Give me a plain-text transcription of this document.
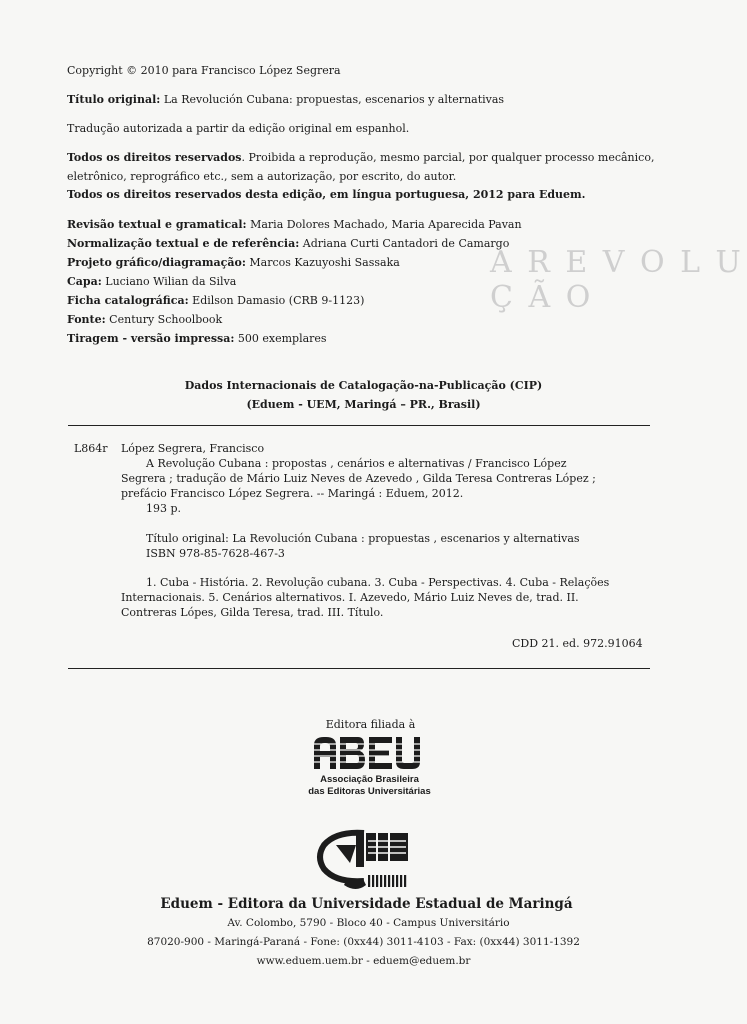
A R E V O L U Ç Ã O
Copyright © 2010 para Francisco López Segrera
Título original: La Revolución Cubana: propuestas, escenarios y alternativas
Tradução autorizada a partir da edição original em espanhol.
Todos os direitos reservados. Proibida a reprodução, mesmo parcial, por qualquer processo mecânico,
eletrônico, reprográfico etc., sem a autorização, por escrito, do autor.
Todos os direitos reservados desta edição, em língua portuguesa, 2012 para Eduem.
Revisão textual e gramatical: Maria Dolores Machado, Maria Aparecida Pavan
Normalização textual e de referência: Adriana Curti Cantadori de Camargo
Projeto gráfico/diagramação: Marcos Kazuyoshi Sassaka
Capa: Luciano Wilian da Silva
Ficha catalográfica: Edilson Damasio (CRB 9-1123)
Fonte: Century Schoolbook
Tiragem - versão impressa: 500 exemplares
Dados Internacionais de Catalogação-na-Publicação (CIP)
(Eduem - UEM, Maringá – PR., Brasil)
L864r López Segrera, Francisco
A Revolução Cubana : propostas , cenários e alternativas / Francisco López
Segrera ; tradução de Mário Luiz Neves de Azevedo , Gilda Teresa Contreras López ;
prefácio Francisco López Segrera. -- Maringá : Eduem, 2012.
193 p.
Título original: La Revolución Cubana : propuestas , escenarios y alternativas
ISBN 978-85-7628-467-3
1. Cuba - História. 2. Revolução cubana. 3. Cuba - Perspectivas. 4. Cuba - Relações
Internacionais. 5. Cenários alternativos. I. Azevedo, Mário Luiz Neves de, trad. II.
Contreras Lópes, Gilda Teresa, trad. III. Título.
CDD 21. ed. 972.91064
Editora filiada à
Associação Brasileira
das Editoras Universitárias
Eduem - Editora da Universidade Estadual de Maringá
Av. Colombo, 5790 - Bloco 40 - Campus Universitário
87020-900 - Maringá-Paraná - Fone: (0xx44) 3011-4103 - Fax: (0xx44) 3011-1392
www.eduem.uem.br - eduem@eduem.br
